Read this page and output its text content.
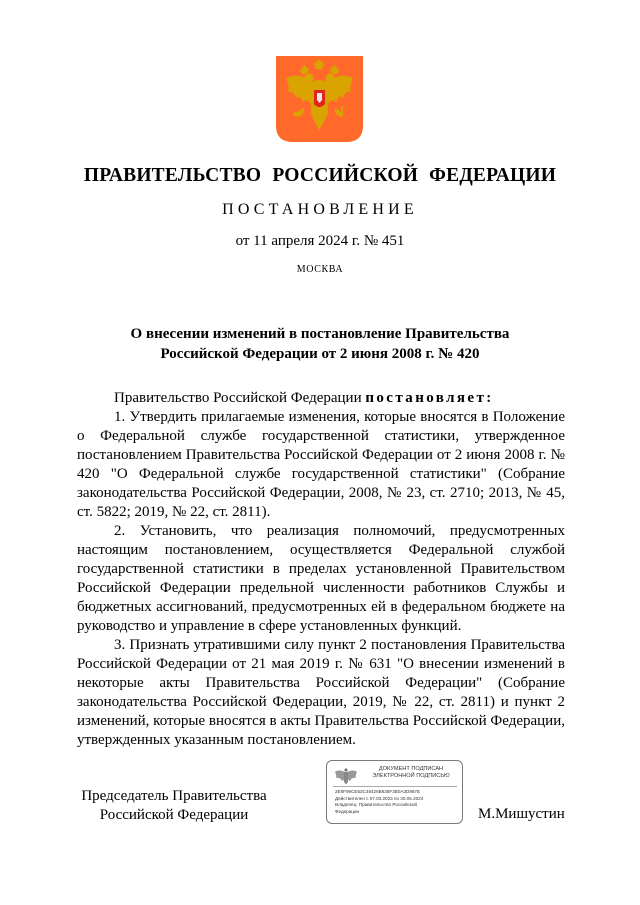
ПРАВИТЕЛЬСТВО РОССИЙСКОЙ ФЕДЕРАЦИИ
ПОСТАНОВЛЕНИЕ
от 11 апреля 2024 г. № 451
МОСКВА
О внесении изменений в постановление Правительства
Российской Федерации от 2 июня 2008 г. № 420

Правительство Российской Федерации постановляет:

1. Утвердить прилагаемые изменения, которые вносятся в Положение о Федеральной службе государственной статистики, утвержденное постановлением Правительства Российской Федерации от 2 июня 2008 г. № 420 "О Федеральной службе государственной статистики" (Собрание законодательства Российской Федерации, 2008, № 23, ст. 2710; 2013, № 45, ст. 5822; 2019, № 22, ст. 2811).

2. Установить, что реализация полномочий, предусмотренных настоящим постановлением, осуществляется Федеральной службой государственной статистики в пределах установленной Правительством Российской Федерации предельной численности работников Службы и бюджетных ассигнований, предусмотренных ей в федеральном бюджете на руководство и управление в сфере установленных функций.

3. Признать утратившими силу пункт 2 постановления Правительства Российской Федерации от 21 мая 2019 г. № 631 "О внесении изменений в некоторые акты Правительства Российской Федерации" (Собрание законодательства Российской Федерации, 2019, № 22, ст. 2811) и пункт 2 изменений, которые вносятся в акты Правительства Российской Федерации, утвержденных указанным постановлением.

Председатель Правительства
Российской Федерации
ДОКУМЕНТ ПОДПИСАН
ЭЛЕКТРОННОЙ ПОДПИСЬЮ
2E6F99CE53C46426B636F3B0A3D867E
Действителен с 07.03.2023 по 30.05.2024
Владелец: Правительство Российской
Федерации	М.Мишустин
